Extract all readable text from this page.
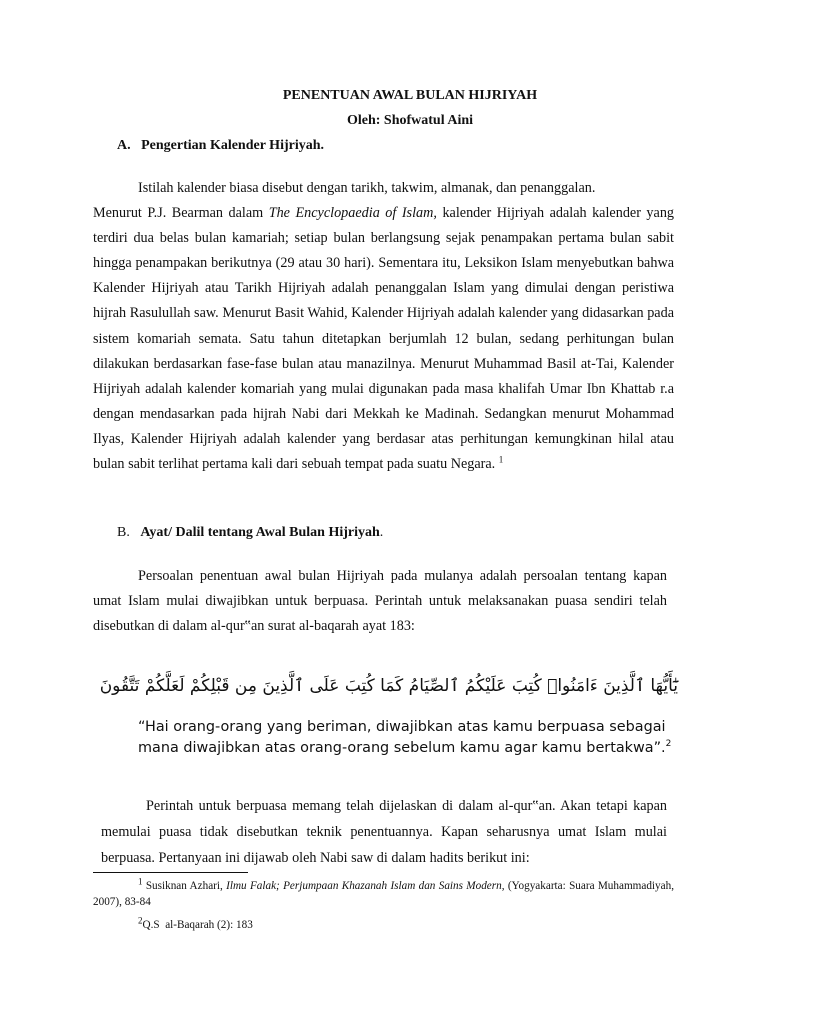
PENENTUAN AWAL BULAN HIJRIYAH
Oleh: Shofwatul Aini
A. Pengertian Kalender Hijriyah.
Istilah kalender biasa disebut dengan tarikh, takwim, almanak, dan penanggalan.
Menurut P.J. Bearman dalam The Encyclopaedia of Islam, kalender Hijriyah adalah kalender yang terdiri dua belas bulan kamariah; setiap bulan berlangsung sejak penampakan pertama bulan sabit hingga penampakan berikutnya (29 atau 30 hari). Sementara itu, Leksikon Islam menyebutkan bahwa Kalender Hijriyah atau Tarikh Hijriyah adalah penanggalan Islam yang dimulai dengan peristiwa hijrah Rasulullah saw. Menurut Basit Wahid, Kalender Hijriyah adalah kalender yang didasarkan pada sistem komariah semata. Satu tahun ditetapkan berjumlah 12 bulan, sedang perhitungan bulan dilakukan berdasarkan fase-fase bulan atau manazilnya. Menurut Muhammad Basil at-Tai, Kalender Hijriyah adalah kalender komariah yang mulai digunakan pada masa khalifah Umar Ibn Khattab r.a dengan mendasarkan pada hijrah Nabi dari Mekkah ke Madinah. Sedangkan menurut Mohammad Ilyas, Kalender Hijriyah adalah kalender yang berdasar atas perhitungan kemungkinan hilal atau bulan sabit terlihat pertama kali dari sebuah tempat pada suatu Negara. $^1$
B. Ayat/ Dalil tentang Awal Bulan Hijriyah.
Persoalan penentuan awal bulan Hijriyah pada mulanya adalah persoalan tentang kapan umat Islam mulai diwajibkan untuk berpuasa. Perintah untuk melaksanakan puasa sendiri telah disebutkan di dalam al-qur‟an surat al-baqarah ayat 183:
يَٰٓأَيُّهَا ٱلَّذِينَ ءَامَنُوا۟ كُتِبَ عَلَيْكُمُ ٱلصِّيَامُ كَمَا كُتِبَ عَلَى ٱلَّذِينَ مِن قَبْلِكُمْ لَعَلَّكُمْ تَتَّقُونَ
“Hai orang-orang yang beriman, diwajibkan atas kamu berpuasa sebagaimana diwajibkan atas orang-orang sebelum kamu agar kamu bertakwa”.$^2$
Perintah untuk berpuasa memang telah dijelaskan di dalam al-qur‟an. Akan tetapi kapan memulai puasa tidak disebutkan teknik penentuannya. Kapan seharusnya umat Islam mulai berpuasa. Pertanyaan ini dijawab oleh Nabi saw di dalam hadits berikut ini:
$^1$ Susiknan Azhari, Ilmu Falak; Perjumpaan Khazanah Islam dan Sains Modern, (Yogyakarta: Suara Muhammadiyah, 2007), 83-84
$^2$Q.S  al-Baqarah (2): 183
